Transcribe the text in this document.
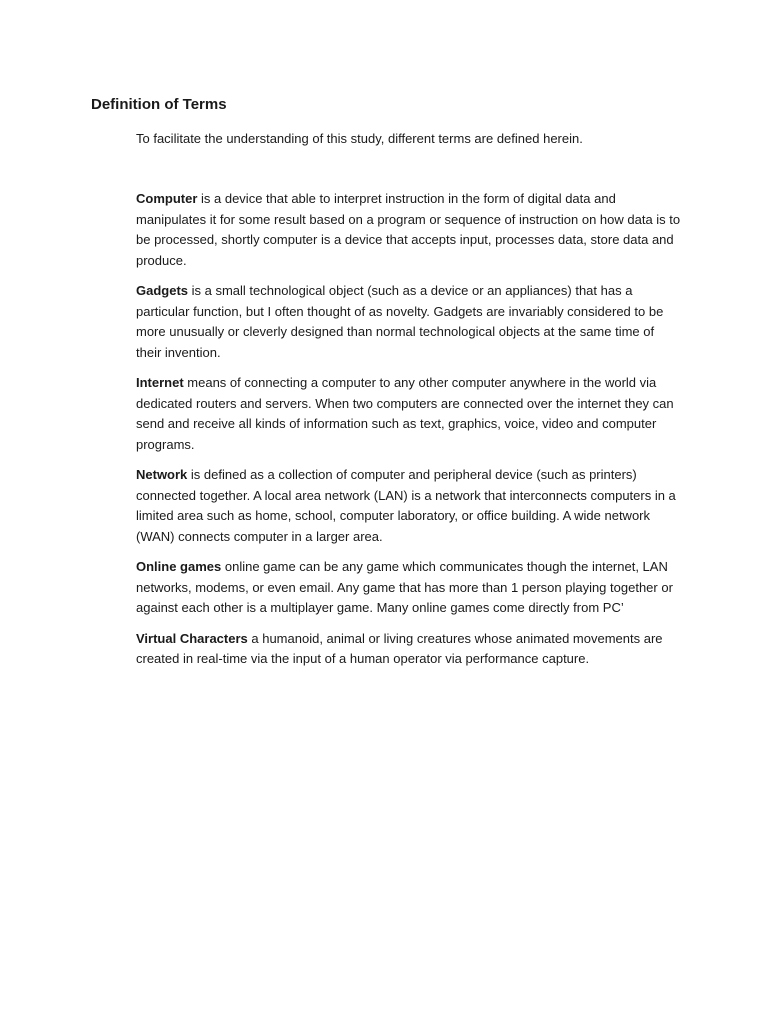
Definition of Terms

To facilitate the understanding of this study, different terms are defined herein.

Computer is a device that able to interpret instruction in the form of digital data and manipulates it for some result based on a program or sequence of instruction on how data is to be processed, shortly computer is a device that accepts input, processes data, store data and produce.

Gadgets is a small technological object (such as a device or an appliances) that has a particular function, but I often thought of as novelty. Gadgets are invariably considered to be more unusually or cleverly designed than normal technological objects at the same time of their invention.

Internet means of connecting a computer to any other computer anywhere in the world via dedicated routers and servers. When two computers are connected over the internet they can send and receive all kinds of information such as text, graphics, voice, video and computer programs.

Network is defined as a collection of computer and peripheral device (such as printers) connected together. A local area network (LAN) is a network that interconnects computers in a limited area such as home, school, computer laboratory, or office building. A wide network (WAN) connects computer in a larger area.

Online games online game can be any game which communicates though the internet, LAN networks, modems, or even email. Any game that has more than 1 person playing together or against each other is a multiplayer game. Many online games come directly from PC’

Virtual Characters a humanoid, animal or living creatures whose animated movements are created in real-time via the input of a human operator via performance capture.
